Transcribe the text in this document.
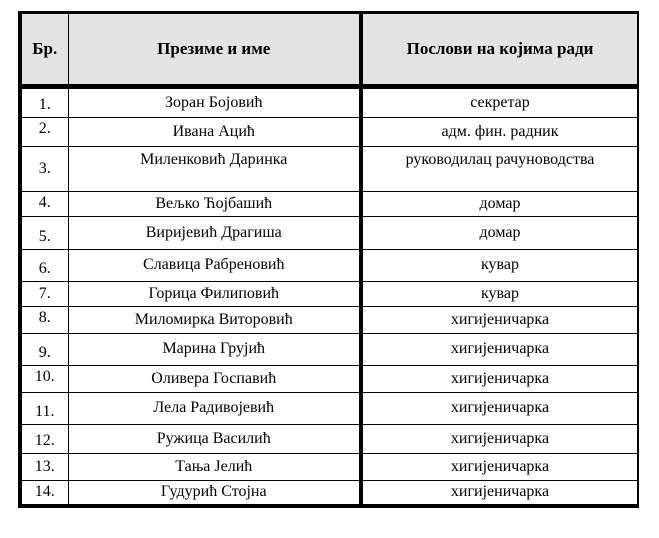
Бр.	Презиме и име	Послови на којима ради
1.	Зоран Бојовић	секретар
2.	Ивана Ацић	адм. фин. радник
3.	Миленковић Даринка	руководилац рачуноводства
4.	Вељко Ћојбашић	домар
5.	Виријевић Драгиша	домар
6.	Славица Рабреновић	кувар
7.	Горица Филиповић	кувар
8.	Миломирка Виторовић	хигијеничарка
9.	Марина Грујић	хигијеничарка
10.	Оливера Госпавић	хигијеничарка
11.	Лела Радивојевић	хигијеничарка
12.	Ружица Василић	хигијеничарка
13.	Тања Јелић	хигијеничарка
14.	Гудурић Стојна	хигијеничарка
